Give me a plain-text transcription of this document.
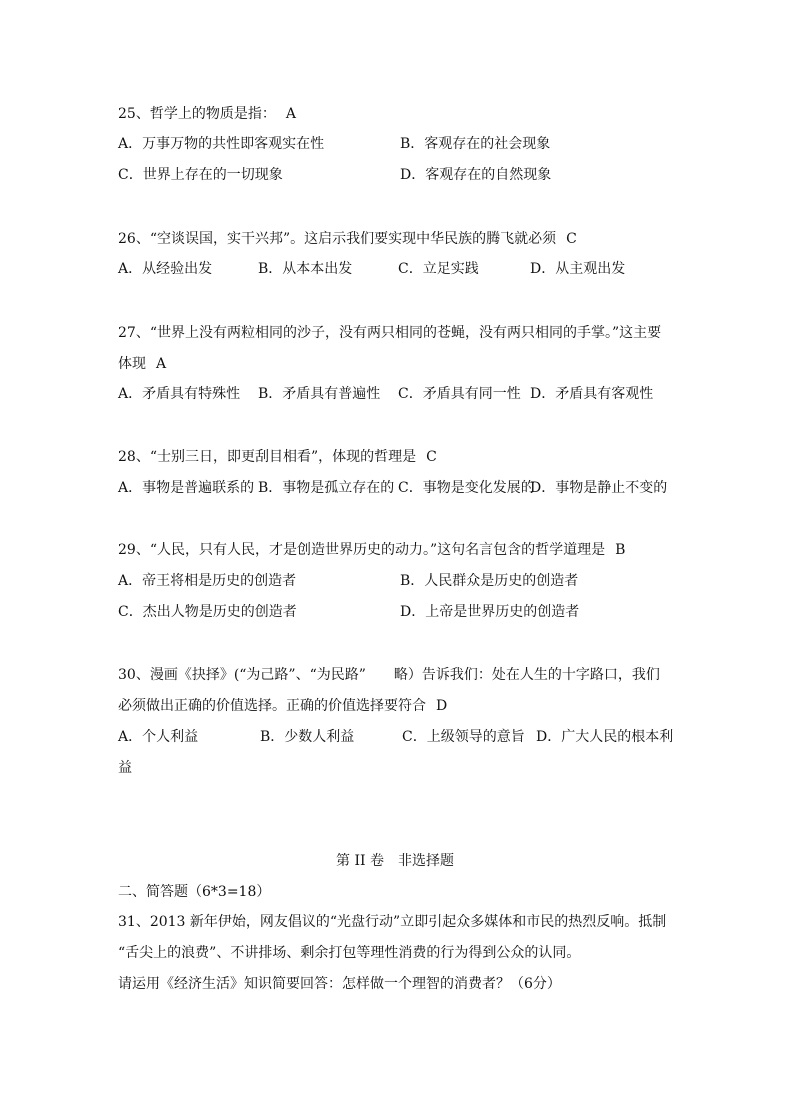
25、哲学上的物质是指： A
A．万事万物的共性即客观实在性	B．客观存在的社会现象
C．世界上存在的一切现象	D．客观存在的自然现象
26、“空谈误国，实干兴邦”。这启示我们要实现中华民族的腾飞就必须 C
A．从经验出发	B．从本本出发	C．立足实践	D．从主观出发
27、“世界上没有两粒相同的沙子，没有两只相同的苍蝇，没有两只相同的手掌。”这主要
体现 A
A．矛盾具有特殊性 B．矛盾具有普遍性 C．矛盾具有同一性 D．矛盾具有客观性
28、“士别三日，即更刮目相看”，体现的哲理是 C
A．事物是普遍联系的 B．事物是孤立存在的 C．事物是变化发展的
D．事物是静止不变的
29、“人民，只有人民，才是创造世界历史的动力。”这句名言包含的哲学道理是 B
A．帝王将相是历史的创造者	B．人民群众是历史的创造者
C．杰出人物是历史的创造者	D．上帝是世界历史的创造者
30、漫画《抉择》(“为己路”、“为民路”　　略）告诉我们：处在人生的十字路口，我们
必须做出正确的价值选择。正确的价值选择要符合 D
A．个人利益	B．少数人利益	C．上级领导的意旨 D．广大人民的根本利
益
第 II 卷　非选择题
二、简答题（6*3=18）
31、2013 新年伊始，网友倡议的“光盘行动”立即引起众多媒体和市民的热烈反响。抵制
“舌尖上的浪费”、不讲排场、剩余打包等理性消费的行为得到公众的认同。
请运用《经济生活》知识简要回答：怎样做一个理智的消费者？（6分）
